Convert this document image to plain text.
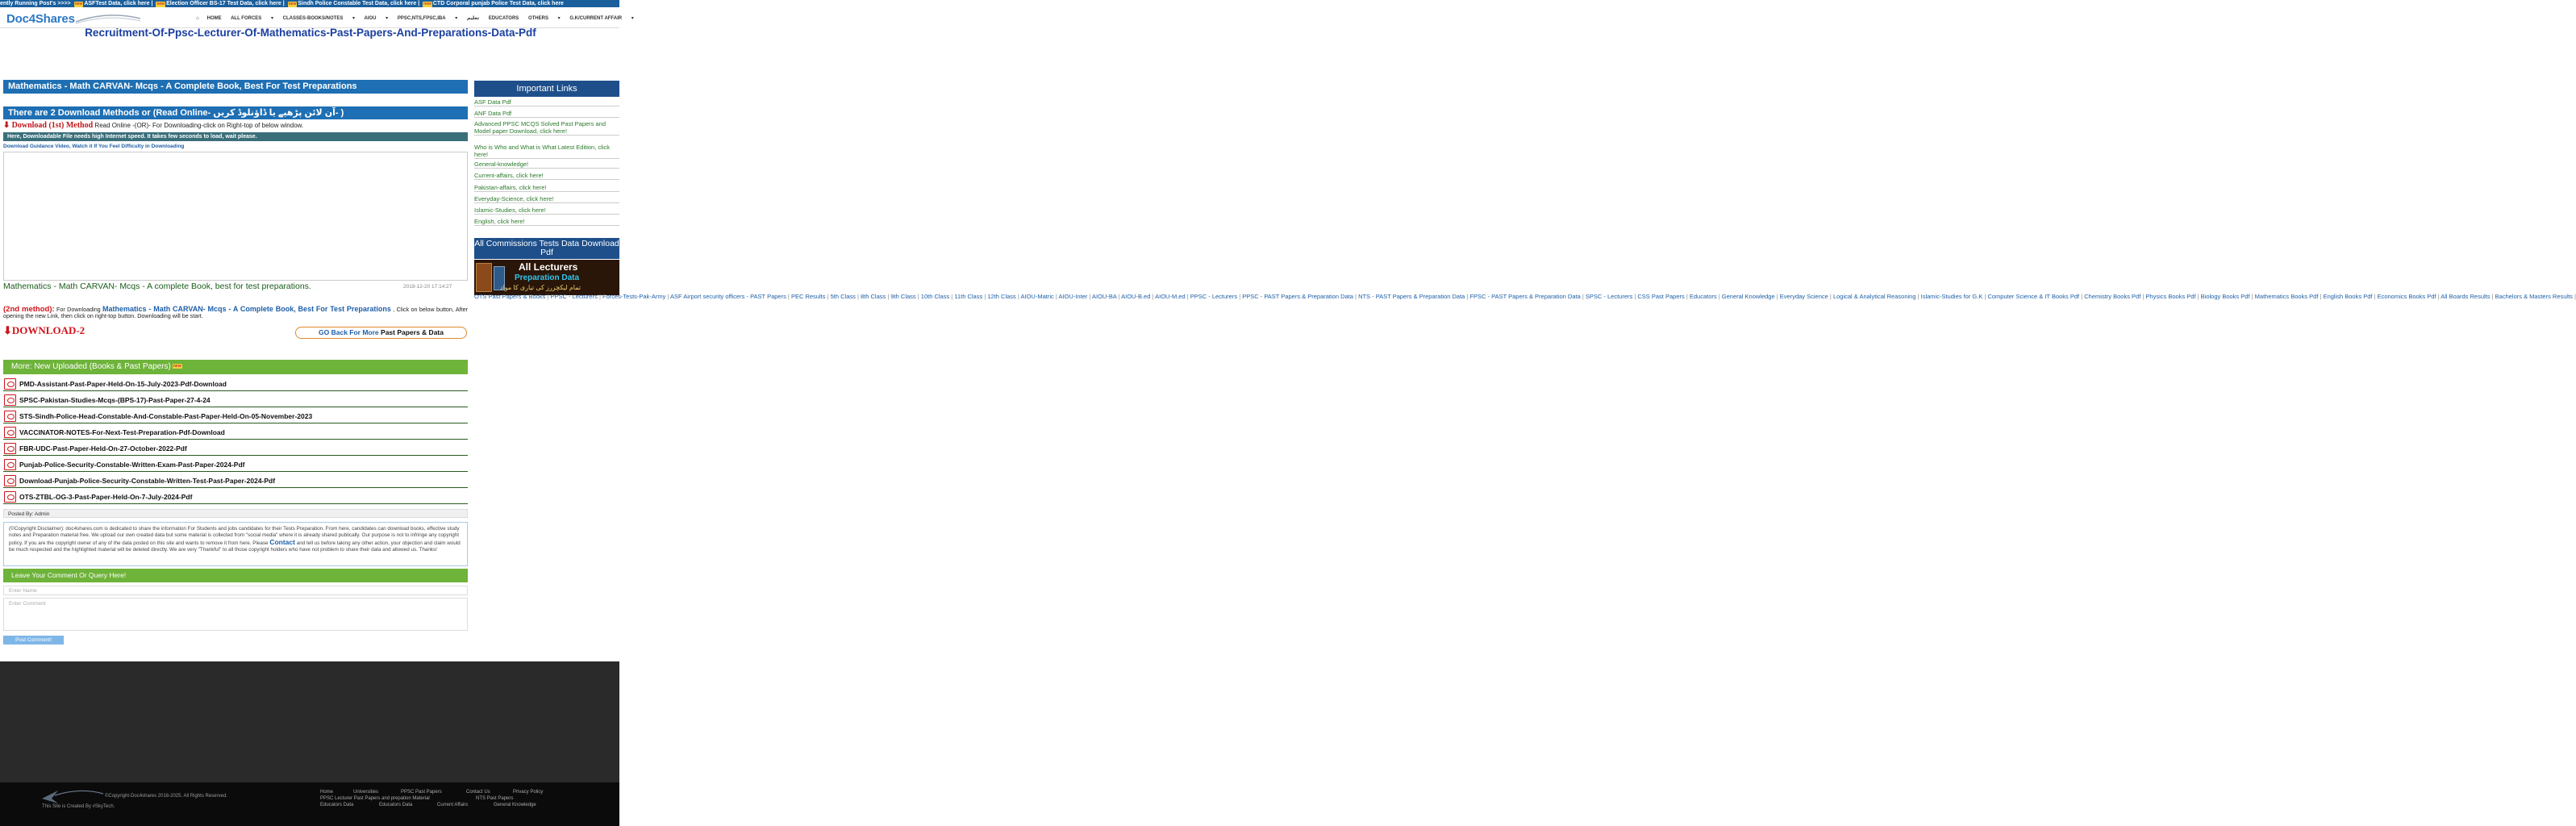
ently Running Post's >>>> new ASFTest Data, click here | new Election Officer BS-17 Test Data, click here | new Sindh Police Constable Test Data, click here | new CTD Corporal punjab Police Test Data, click here
Doc4Shares	⌂ HOME ALL FORCES ▾ CLASSES-BOOKS/NOTES ▾ AIOU ▾ PPSC,NTS,FPSC,IBA ▾ تعلیم EDUCATORS OTHERS ▾ G.K/CURRENT AFFAIR ▾
Recruitment-Of-Ppsc-Lecturer-Of-Mathematics-Past-Papers-And-Preparations-Data-Pdf
Mathematics - Math CARVAN- Mcqs - A Complete Book, Best For Test Preparations
There are 2 Download Methods or (Read Online- آن لائن پڑھیے یا ڈاؤنلوڈ کریں- )
⬇ Download (1st) Method Read Online -(OR)- For Downloading-click on Right-top of below window.
Here, Downloadable File needs high Internet speed. It takes few seconds to load, wait please.
Download Guidance Video, Watch it If You Feel Difficulty in Downloading
Mathematics - Math CARVAN- Mcqs - A complete Book, best for test preparations.	2018-12-20 17:14:27
(2nd method): For Downloading Mathematics - Math CARVAN- Mcqs - A Complete Book, Best For Test Preparations , Click on below button, After opening the new Link, then click on right-top button. Downloading will be start.
⬇DOWNLOAD-2	GO Back For More Past Papers & Data
More: New Uploaded (Books & Past Papers) new
PMD-Assistant-Past-Paper-Held-On-15-July-2023-Pdf-Download
SPSC-Pakistan-Studies-Mcqs-(BPS-17)-Past-Paper-27-4-24
STS-Sindh-Police-Head-Constable-And-Constable-Past-Paper-Held-On-05-November-2023
VACCINATOR-NOTES-For-Next-Test-Preparation-Pdf-Download
FBR-UDC-Past-Paper-Held-On-27-October-2022-Pdf
Punjab-Police-Security-Constable-Written-Exam-Past-Paper-2024-Pdf
Download-Punjab-Police-Security-Constable-Written-Test-Past-Paper-2024-Pdf
OTS-ZTBL-OG-3-Past-Paper-Held-On-7-July-2024-Pdf
Posted By: Admin
(©Copyright Disclaimer): doc4shares.com is dedicated to share the information For Students and jobs candidates for their Tests Preparation. From here, candidates can download books, effective study notes and Preparation material free. We upload our own created data but some material is collected from "social media" where it is already shared publically. Our purpose is not to infringe any copyright policy. If you are the copyright owner of any of the data posted on this site and wants to remove it from here. Please Contact and tell us before taking any other action, your objection and claim would be much respected and the highlighted material will be deleted directly. We are very "Thankful" to all those copyright holders who have not problem to share their data and allowed us. Thanks!
Leave Your Comment Or Query Here!
Enter Name
Enter Comment
Post Comment!
Important Links
ASF Data Pdf
ANF Data Pdf
Advanced PPSC MCQS Solved Past Papers and Model paper Download, click here!
Who is Who and What is What Latest Edition, click here!
General-knowledge!
Current-affairs, click here!
Pakistan-affairs, click here!
Everyday-Science, click here!
Islamic-Studies, click here!
English, click here!
All Commissions Tests Data Download Pdf
All Lecturers
Preparation Data
تمام لیکچررز کی تیاری کا مواد
OTS Past Papers & Books | PPSC - Lecturers | Forces-Tests-Pak-Army | ASF Airport security officers - PAST Papers | PEC Results | 5th Class | 8th Class | 9th Class | 10th Class | 11th Class | 12th Class | AIOU-Matric | AIOU-Inter | AIOU-BA | AIOU-B.ed | AIOU-M.ed | PPSC - Lecturers | PPSC - PAST Papers & Preparation Data | NTS - PAST Papers & Preparation Data | FPSC - PAST Papers & Preparation Data | SPSC - Lecturers | CSS Past Papers | Educators | General Knowledge | Everyday Science | Logical & Analytical Reasoning | Islamic-Studies for G.K | Computer Science & IT Books Pdf | Chemistry Books Pdf | Physics Books Pdf | Biology Books Pdf | Mathematics Books Pdf | English Books Pdf | Economics Books Pdf | All Boards Results | Bachelors & Masters Results |
©Copyright-Doc4shares 2018-2025. All Rights Reserved.
This Site is Created By #SkyTech.
Home	Universities	PPSC Past Papers	Contact Us	Privacy Policy
PPSC Lecturer Past Papers and prepation Material	NTS Past Papers
Educators Data	Educators Data	Current Affairs	General Knowledge
